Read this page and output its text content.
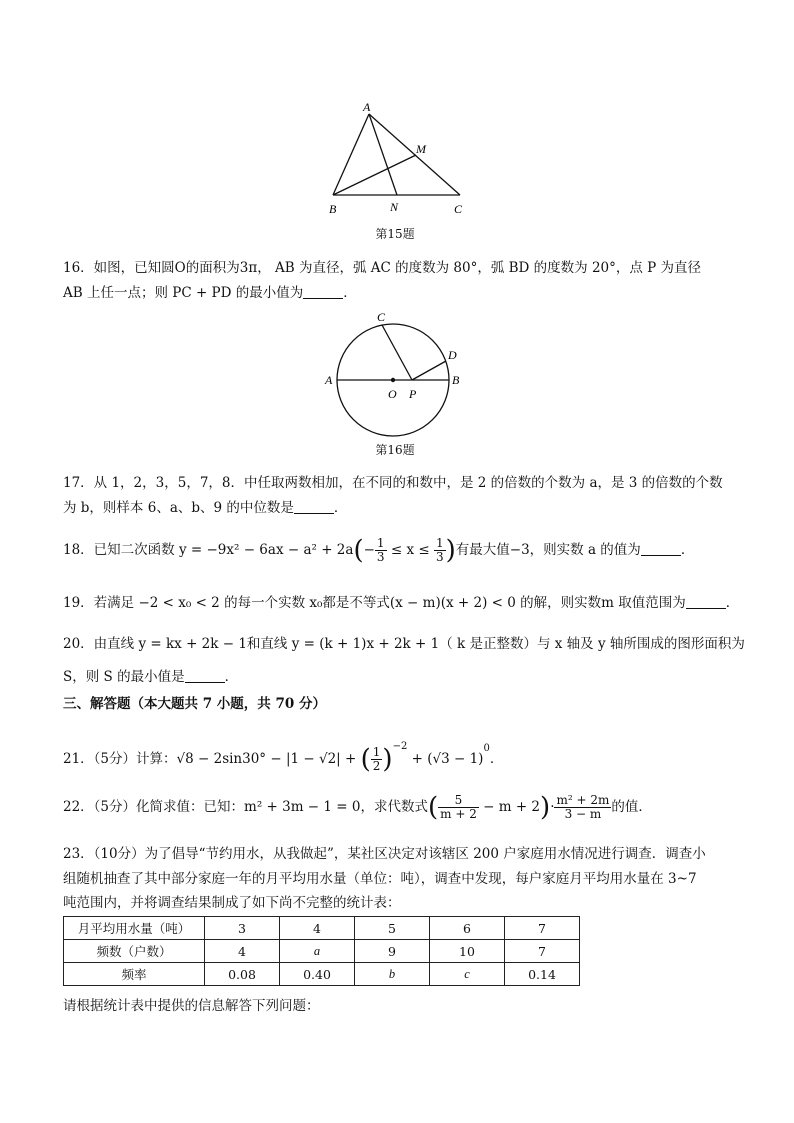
A
M
B	N	C
第15题
16．如图，已知圆O的面积为3π， AB 为直径，弧 AC 的度数为 80°，弧 BD 的度数为 20°，点 P 为直径
AB 上任一点；则 PC + PD 的最小值为	．
C
D
A
O P
B
第16题
17．从 1，2，3，5，7，8．中任取两数相加，在不同的和数中，是 2 的倍数的个数为 a，是 3 的倍数的个数
为 b，则样本 6、a、b、9 的中位数是	．
18．已知二次函数 $y = -9x^2 - 6ax - a^2 + 2a(- \frac{1}{3} \le x \le \frac{1}{3}$ )有最大值−3，则实数 a 的值为	．
19．若满足 −2 < x₀ < 2 的每一个实数 x₀都是不等式(x − m)(x + 2) < 0 的解，则实数m 取值范围为	．
20．由直线 y = kx + 2k − 1和直线 y = (k + 1)x + 2k + 1（ k 是正整数）与 x 轴及 y 轴所围成的图形面积为
S，则 S 的最小值是	．
三、解答题（本大题共 7 小题，共 70 分）
21．（5分）计算：√8 − 2sin30° − |1 − √2| + ( $\frac{1}{2} )^{-2} + (√3 - 1)^0$．
22．（5分）化简求值：已知：m² + 3m − 1 = 0，求代数式( $\frac{5}{m + 2} - m + 2)\cdot \frac{\text{m² + 2m}}{3 - m}$ 的值．
23．（10分）为了倡导“节约用水，从我做起”，某社区决定对该辖区 200 户家庭用水情况进行调查．调查小
组随机抽查了其中部分家庭一年的月平均用水量（单位：吨），调查中发现，每户家庭月平均用水量在 3~7
吨范围内，并将调查结果制成了如下尚不完整的统计表：
月平均用水量（吨）	3	4	5	6	7
频数（户数）	4	a	9	10	7
频率	0.08	0.40	b	c	0.14
请根据统计表中提供的信息解答下列问题：
